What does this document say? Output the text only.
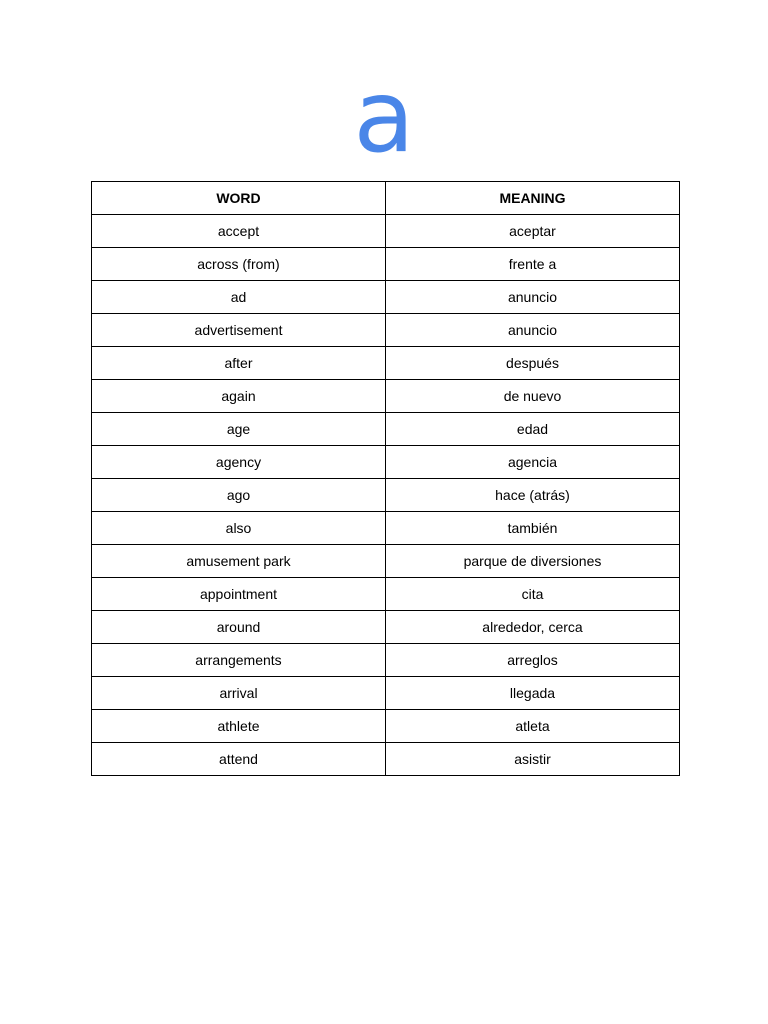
a
WORD	MEANING
accept	aceptar
across (from)	frente a
ad	anuncio
advertisement	anuncio
after	después
again	de nuevo
age	edad
agency	agencia
ago	hace (atrás)
also	también
amusement park	parque de diversiones
appointment	cita
around	alrededor, cerca
arrangements	arreglos
arrival	llegada
athlete	atleta
attend	asistir
